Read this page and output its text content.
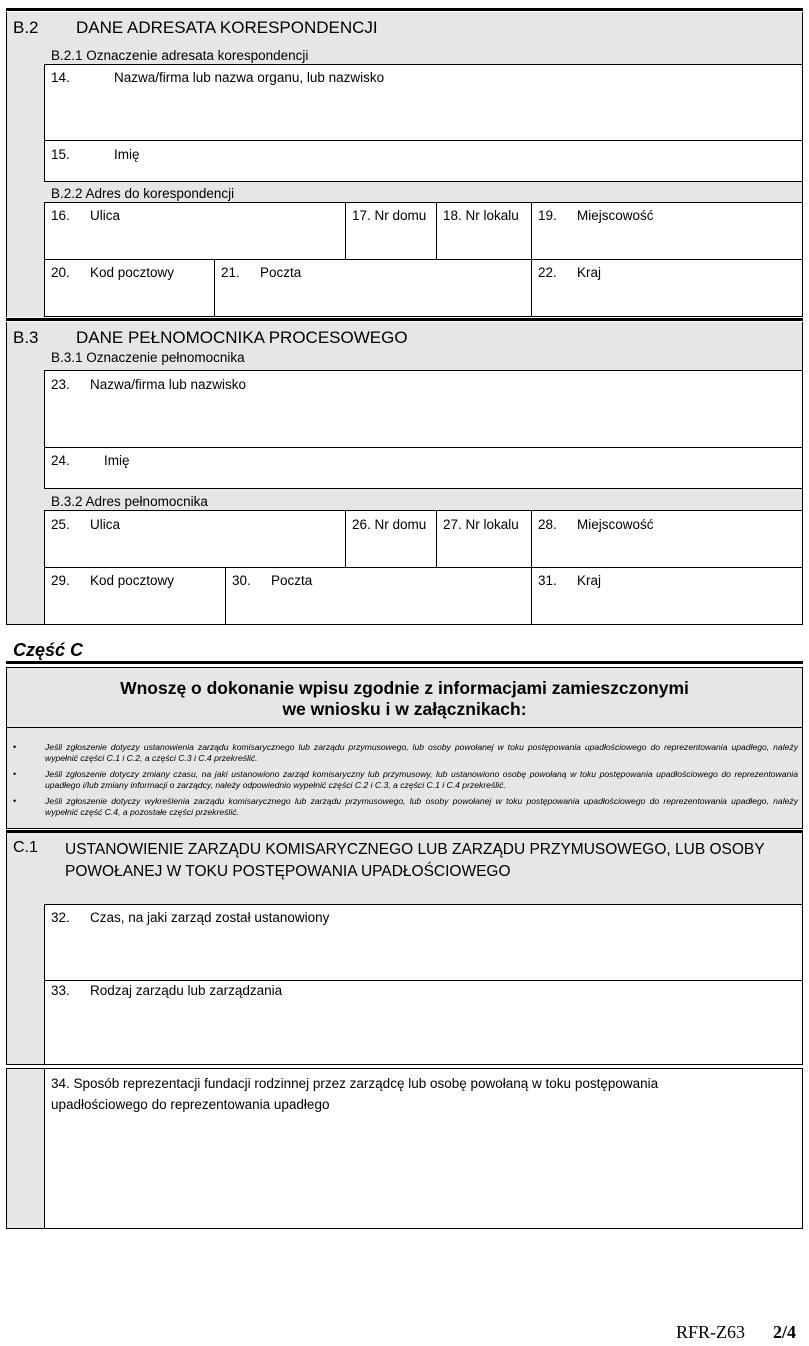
B.2 DANE ADRESATA KORESPONDENCJI
B.2.1 Oznaczenie adresata korespondencji
14.	Nazwa/firma lub nazwa organu, lub nazwisko
15.	Imię
B.2.2 Adres do korespondencji
16. Ulica	17. Nr domu 18. Nr lokalu 19. Miejscowość
20. Kod pocztowy	21. Poczta	22. Kraj
B.3 DANE PEŁNOMOCNIKA PROCESOWEGO
B.3.1 Oznaczenie pełnomocnika
23. Nazwa/firma lub nazwisko
24.	Imię
B.3.2 Adres pełnomocnika
25. Ulica	26. Nr domu 27. Nr lokalu 28. Miejscowość
29. Kod pocztowy	30. Poczta	31. Kraj
Część C
Wnoszę o dokonanie wpisu zgodnie z informacjami zamieszczonymi
we wniosku i w załącznikach:
•	Jeśli zgłoszenie dotyczy ustanowienia zarządu komisarycznego lub zarządu przymusowego, lub osoby powołanej w toku postępowania upadłościowego do reprezentowania upadłego, należy wypełnić części C.1 i C.2, a części C.3 i C.4 przekreślić.
•	Jeśli zgłoszenie dotyczy zmiany czasu, na jaki ustanowiono zarząd komisaryczny lub przymusowy, lub ustanowiono osobę powołaną w toku postępowania upadłościowego do reprezentowania upadłego i/lub zmiany informacji o zarządcy, należy odpowiednio wypełnić części C.2 i C.3, a części C.1 i C.4 przekreślić.
•	Jeśli zgłoszenie dotyczy wykreślenia zarządu komisarycznego lub zarządu przymusowego, lub osoby powołanej w toku postępowania upadłościowego do reprezentowania upadłego, należy wypełnić część C.4, a pozostałe części przekreślić.
C.1 USTANOWIENIE ZARZĄDU KOMISARYCZNEGO LUB ZARZĄDU PRZYMUSOWEGO, LUB OSOBY POWOŁANEJ W TOKU POSTĘPOWANIA UPADŁOŚCIOWEGO
32. Czas, na jaki zarząd został ustanowiony
33. Rodzaj zarządu lub zarządzania
34. Sposób reprezentacji fundacji rodzinnej przez zarządcę lub osobę powołaną w toku postępowania upadłościowego do reprezentowania upadłego
RFR-Z63 2/4
